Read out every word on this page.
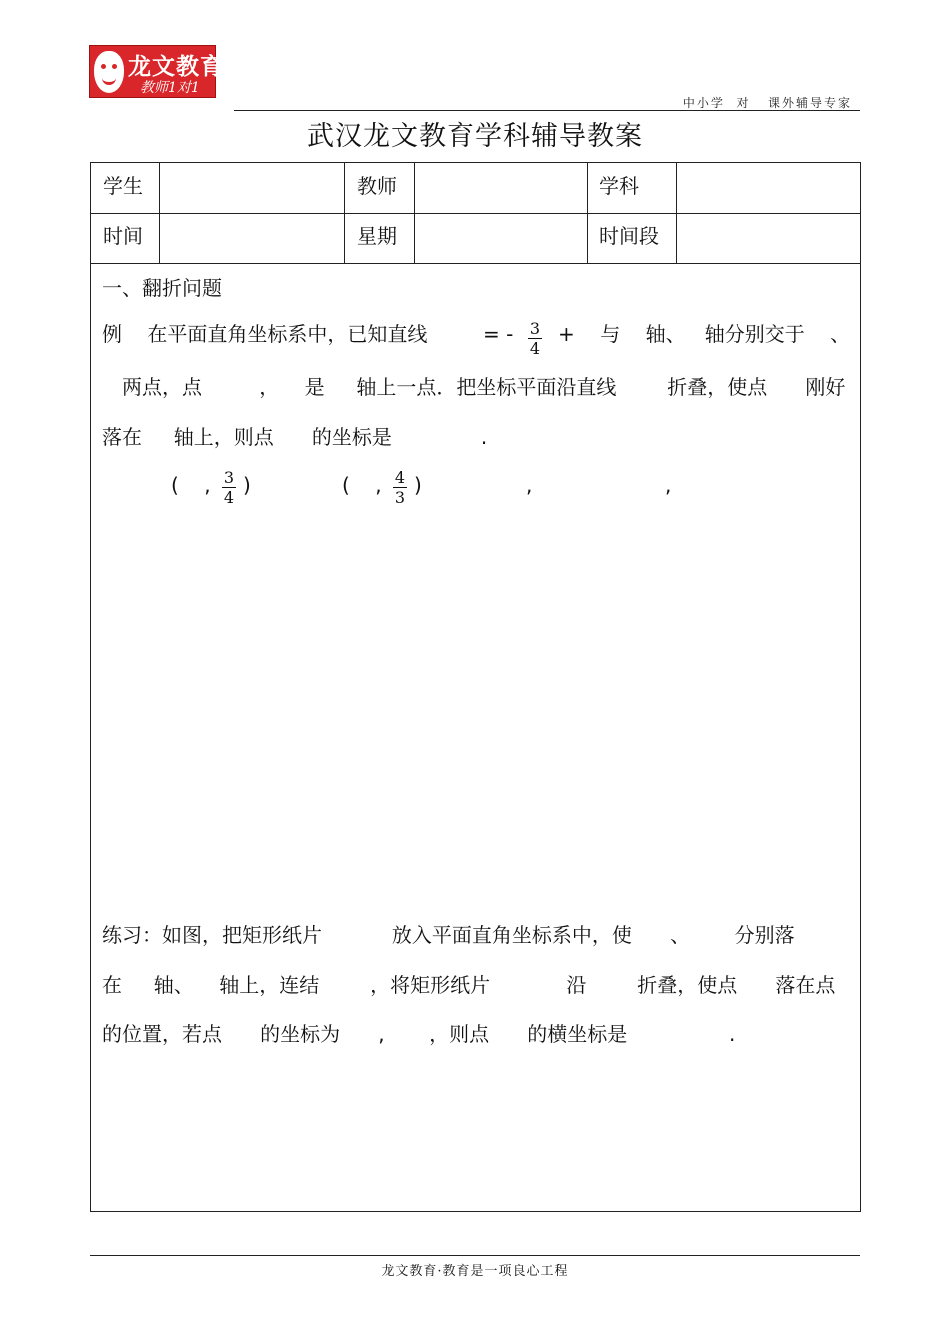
龙文教育
教师1对1
中小学  对   课外辅导专家
武汉龙文教育学科辅导教案
学生	教师	学科
时间	星期	时间段
一、翻折问题
例    在平面直角坐标系中，已知直线	= - 3
4
+    与    轴、   轴分别交于    、
两点，点         ，    是     轴上一点．把坐标平面沿直线        折叠，使点      刚好
落在     轴上，则点      的坐标是              .
(    , 3
4
)	(    , 4
3
)	,	,
练习：如图，把矩形纸片           放入平面直角坐标系中，使      、       分别落
在     轴、    轴上，连结        ，将矩形纸片            沿        折叠，使点      落在点
的位置，若点      的坐标为      ,       ，则点      的横坐标是                .
龙文教育·教育是一项良心工程
